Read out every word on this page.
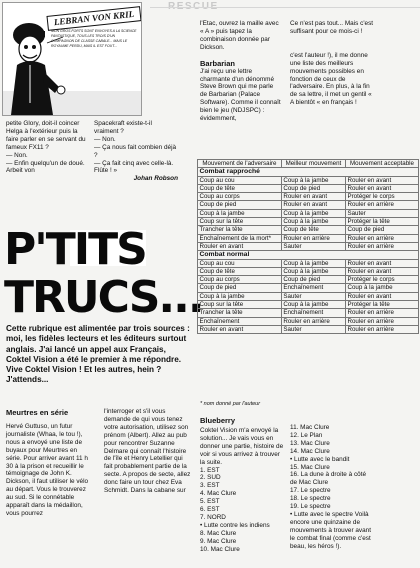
LEBRAN VON KRIL
MON GROS FORTS SONT ENVOYES A LA SCIENCE FANTASTIQUE, TOUS LES TROIS D'UN COMPAGNON DE CLASSE CABALE... MAIS LE ROYAUME PERDU, MAIS IL EST FOUT...

petite Glory, doit-il coincer Helga à l'extérieur puis la faire parler en se servant du fameux FX11 ?

— Non.

— Enfin quelqu'un de doué. Arbeit von

Spacekraft existe-t-il vraiment ?

— Non.

— Ça nous fait combien déjà ?

— Ça fait cinq avec celle-là. Flûte ! »

Johan Robson

l'Etac, ouvrez la maille avec « A » puis tapez la combinaison donnée par Dickson.

Barbarian

J'ai reçu une lettre charmante d'un dénommé Steve Brown qui me parle de Barbarian (Palace Software). Comme il connaît bien le jeu (NDJSPC) : évidemment,

Ce n'est pas tout... Mais c'est suffisant pour ce mois-ci !

c'est l'auteur !), il me donne une liste des meilleurs mouvements possibles en fonction de ceux de l'adversaire. En plus, à la fin de sa lettre, il met un gentil « A bientôt « en français !

P'TITS
TRUCS...

Cette rubrique est alimentée par trois sources : moi, les fidèles lecteurs et les éditeurs surtout anglais. J'ai lancé un appel aux Français, Coktel Vision a été le premier à me répondre. Vive Coktel Vision ! Et les autres, hein ? J'attends...

Meurtres en série

Hervé Guttuso, un futur journaliste (Whaa, le tou !), nous a envoyé une liste de buyaux pour Meurtres en série. Pour arriver avant 11 h 30 à la prison et recueillir le témoignage de John K. Dickson, il faut utiliser le vélo au départ. Vous le trouverez au sud. Si le connétable apparaît dans la médaillon, vous pourrez

l'interroger et s'il vous demande de qui vous tenez votre autorisation, utilisez son prénom (Albert). Allez au pub pour rencontrer Suzanne Delmare qui connaît l'histoire de l'île et Henry Letellier qui fait probablement partie de la secte. A propos de secte, allez donc faire un tour chez Eva Schmidt. Dans la cabane sur

Mouvement de l'adversaire	Meilleur mouvement	Mouvement acceptable
Combat rapproché		
Coup au cou	Coup à la jambe	Rouler en avant
Coup de tête	Coup de pied	Rouler en avant
Coup au corps	Rouler en avant	Protéger le corps
Coup de pied	Rouler en avant	Rouler en arrière
Coup à la jambe	Coup à la jambe	Sauter
Coup sur la tête	Coup à la jambe	Protéger la tête
Trancher la tête	Coup de tête	Coup de pied
Enchaînement de la mort*	Rouler en arrière	Rouler en arrière
Rouler en avant	Sauter	Rouler en arrière
Combat normal		
Coup au cou	Coup à la jambe	Rouler en avant
Coup de tête	Coup à la jambe	Rouler en avant
Coup au corps	Coup de pied	Protéger le corps
Coup de pied	Enchaînement	Coup à la jambe
Coup à la jambe	Sauter	Rouler en avant
Coup sur la tête	Coup à la jambe	Protéger la tête
Trancher la tête	Enchaînement	Rouler en arrière
Enchaînement	Rouler en arrière	Rouler en arrière
Rouler en avant	Sauter	Rouler en arrière
* nom donné par l'auteur

Blueberry

Coktel Vision m'a envoyé la solution... Je vais vous en donner une partie, histoire de voir si vous arrivez à trouver la suite.

1. EST

2. SUD

3. EST

4. Mac Clure

5. EST

6. EST

7. NORD

• Lutte contre les indiens

8. Mac Clure

9. Mac Clure

10. Mac Clure

11. Mac Clure

12. Le Plan

13. Mac Clure

14. Mac Clure

• Lutte avec le bandit

15. Mac Clure

16. La dune à droite à côté de Mac Clure

17. Le spectre

18. Le spectre

19. Le spectre

• Lutte avec le spectre Voilà encore une quinzaine de mouvements à trouver avant le combat final (comme c'est beau, les héros !).
